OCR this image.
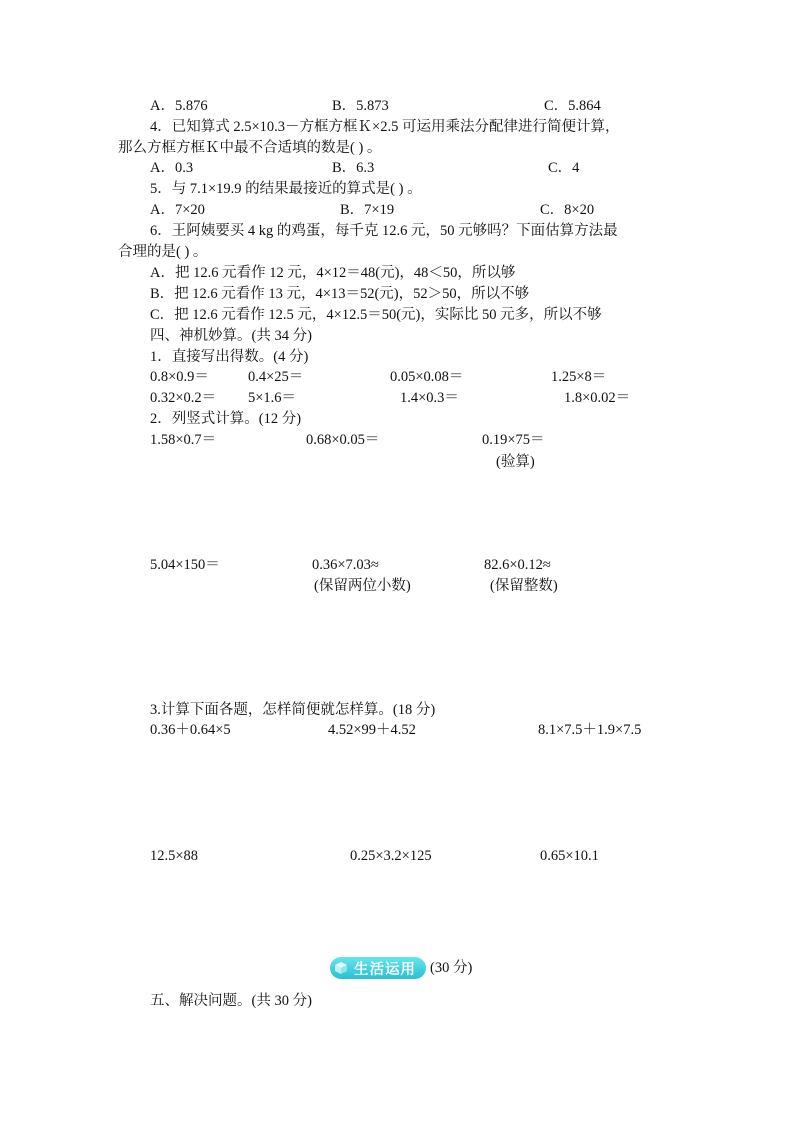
A．5.876	B．5.873	C．5.864
4．已知算式 2.5×10.3－方框方框Ｋ×2.5 可运用乘法分配律进行简便计算，
那么方框方框Ｋ中最不合适填的数是( ) 。
A．0.3	B．6.3	C．4
5．与 7.1×19.9 的结果最接近的算式是( ) 。
A．7×20	B．7×19	C．8×20
6．王阿姨要买 4 kg 的鸡蛋，每千克 12.6 元，50 元够吗？下面估算方法最
合理的是( ) 。
A．把 12.6 元看作 12 元，4×12＝48(元)，48＜50，所以够
B．把 12.6 元看作 13 元，4×13＝52(元)，52＞50，所以不够
C．把 12.6 元看作 12.5 元，4×12.5＝50(元)，实际比 50 元多，所以不够
四、神机妙算。(共 34 分)
1．直接写出得数。(4 分)
0.8×0.9＝	0.4×25＝	0.05×0.08＝	1.25×8＝
0.32×0.2＝ 5×1.6＝	1.4×0.3＝	1.8×0.02＝
2．列竖式计算。(12 分)
1.58×0.7＝	0.68×0.05＝	0.19×75＝
(验算)
5.04×150＝	0.36×7.03≈	82.6×0.12≈
(保留两位小数)	(保留整数)
3.计算下面各题，怎样简便就怎样算。(18 分)
0.36＋0.64×5	4.52×99＋4.52	8.1×7.5＋1.9×7.5
12.5×88	0.25×3.2×125	0.65×10.1
生活运用 (30 分)
五、解决问题。(共 30 分)
